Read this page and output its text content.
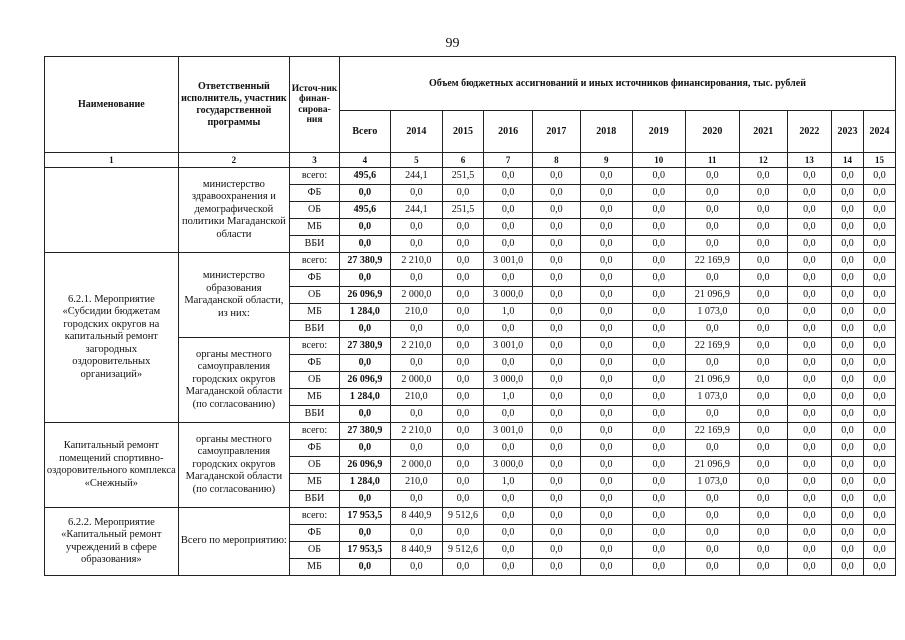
99
Наименование	Ответственный исполнитель, участник государственной программы	Источ-ник финан-сирова-ния	Объем бюджетных ассигнований и иных источников финансирования, тыс. рублей											
			Всего	2014	2015	2016	2017	2018	2019	2020	2021	2022	2023	2024
1	2	3	4	5	6	7	8	9	10	11	12	13	14	15
	министерство здравоохранения и демографической политики Магаданской области	всего:	495,6	244,1	251,5	0,0	0,0	0,0	0,0	0,0	0,0	0,0	0,0	0,0
		ФБ	0,0	0,0	0,0	0,0	0,0	0,0	0,0	0,0	0,0	0,0	0,0	0,0
		ОБ	495,6	244,1	251,5	0,0	0,0	0,0	0,0	0,0	0,0	0,0	0,0	0,0
		МБ	0,0	0,0	0,0	0,0	0,0	0,0	0,0	0,0	0,0	0,0	0,0	0,0
		ВБИ	0,0	0,0	0,0	0,0	0,0	0,0	0,0	0,0	0,0	0,0	0,0	0,0
6.2.1. Мероприятие «Субсидии бюджетам городских округов на капитальный ремонт загородных оздоровительных организаций»	министерство образования Магаданской области, из них:	всего:	27 380,9	2 210,0	0,0	3 001,0	0,0	0,0	0,0	22 169,9	0,0	0,0	0,0	0,0
		ФБ	0,0	0,0	0,0	0,0	0,0	0,0	0,0	0,0	0,0	0,0	0,0	0,0
		ОБ	26 096,9	2 000,0	0,0	3 000,0	0,0	0,0	0,0	21 096,9	0,0	0,0	0,0	0,0
		МБ	1 284,0	210,0	0,0	1,0	0,0	0,0	0,0	1 073,0	0,0	0,0	0,0	0,0
		ВБИ	0,0	0,0	0,0	0,0	0,0	0,0	0,0	0,0	0,0	0,0	0,0	0,0
	органы местного самоуправления городских округов Магаданской области (по согласованию)	всего:	27 380,9	2 210,0	0,0	3 001,0	0,0	0,0	0,0	22 169,9	0,0	0,0	0,0	0,0
		ФБ	0,0	0,0	0,0	0,0	0,0	0,0	0,0	0,0	0,0	0,0	0,0	0,0
		ОБ	26 096,9	2 000,0	0,0	3 000,0	0,0	0,0	0,0	21 096,9	0,0	0,0	0,0	0,0
		МБ	1 284,0	210,0	0,0	1,0	0,0	0,0	0,0	1 073,0	0,0	0,0	0,0	0,0
		ВБИ	0,0	0,0	0,0	0,0	0,0	0,0	0,0	0,0	0,0	0,0	0,0	0,0
Капитальный ремонт помещений спортивно-оздоровительного комплекса «Снежный»	органы местного самоуправления городских округов Магаданской области (по согласованию)	всего:	27 380,9	2 210,0	0,0	3 001,0	0,0	0,0	0,0	22 169,9	0,0	0,0	0,0	0,0
		ФБ	0,0	0,0	0,0	0,0	0,0	0,0	0,0	0,0	0,0	0,0	0,0	0,0
		ОБ	26 096,9	2 000,0	0,0	3 000,0	0,0	0,0	0,0	21 096,9	0,0	0,0	0,0	0,0
		МБ	1 284,0	210,0	0,0	1,0	0,0	0,0	0,0	1 073,0	0,0	0,0	0,0	0,0
		ВБИ	0,0	0,0	0,0	0,0	0,0	0,0	0,0	0,0	0,0	0,0	0,0	0,0
6.2.2. Мероприятие «Капитальный ремонт учреждений в сфере образования»	Всего по мероприятию:	всего:	17 953,5	8 440,9	9 512,6	0,0	0,0	0,0	0,0	0,0	0,0	0,0	0,0	0,0
		ФБ	0,0	0,0	0,0	0,0	0,0	0,0	0,0	0,0	0,0	0,0	0,0	0,0
		ОБ	17 953,5	8 440,9	9 512,6	0,0	0,0	0,0	0,0	0,0	0,0	0,0	0,0	0,0
		МБ	0,0	0,0	0,0	0,0	0,0	0,0	0,0	0,0	0,0	0,0	0,0	0,0
